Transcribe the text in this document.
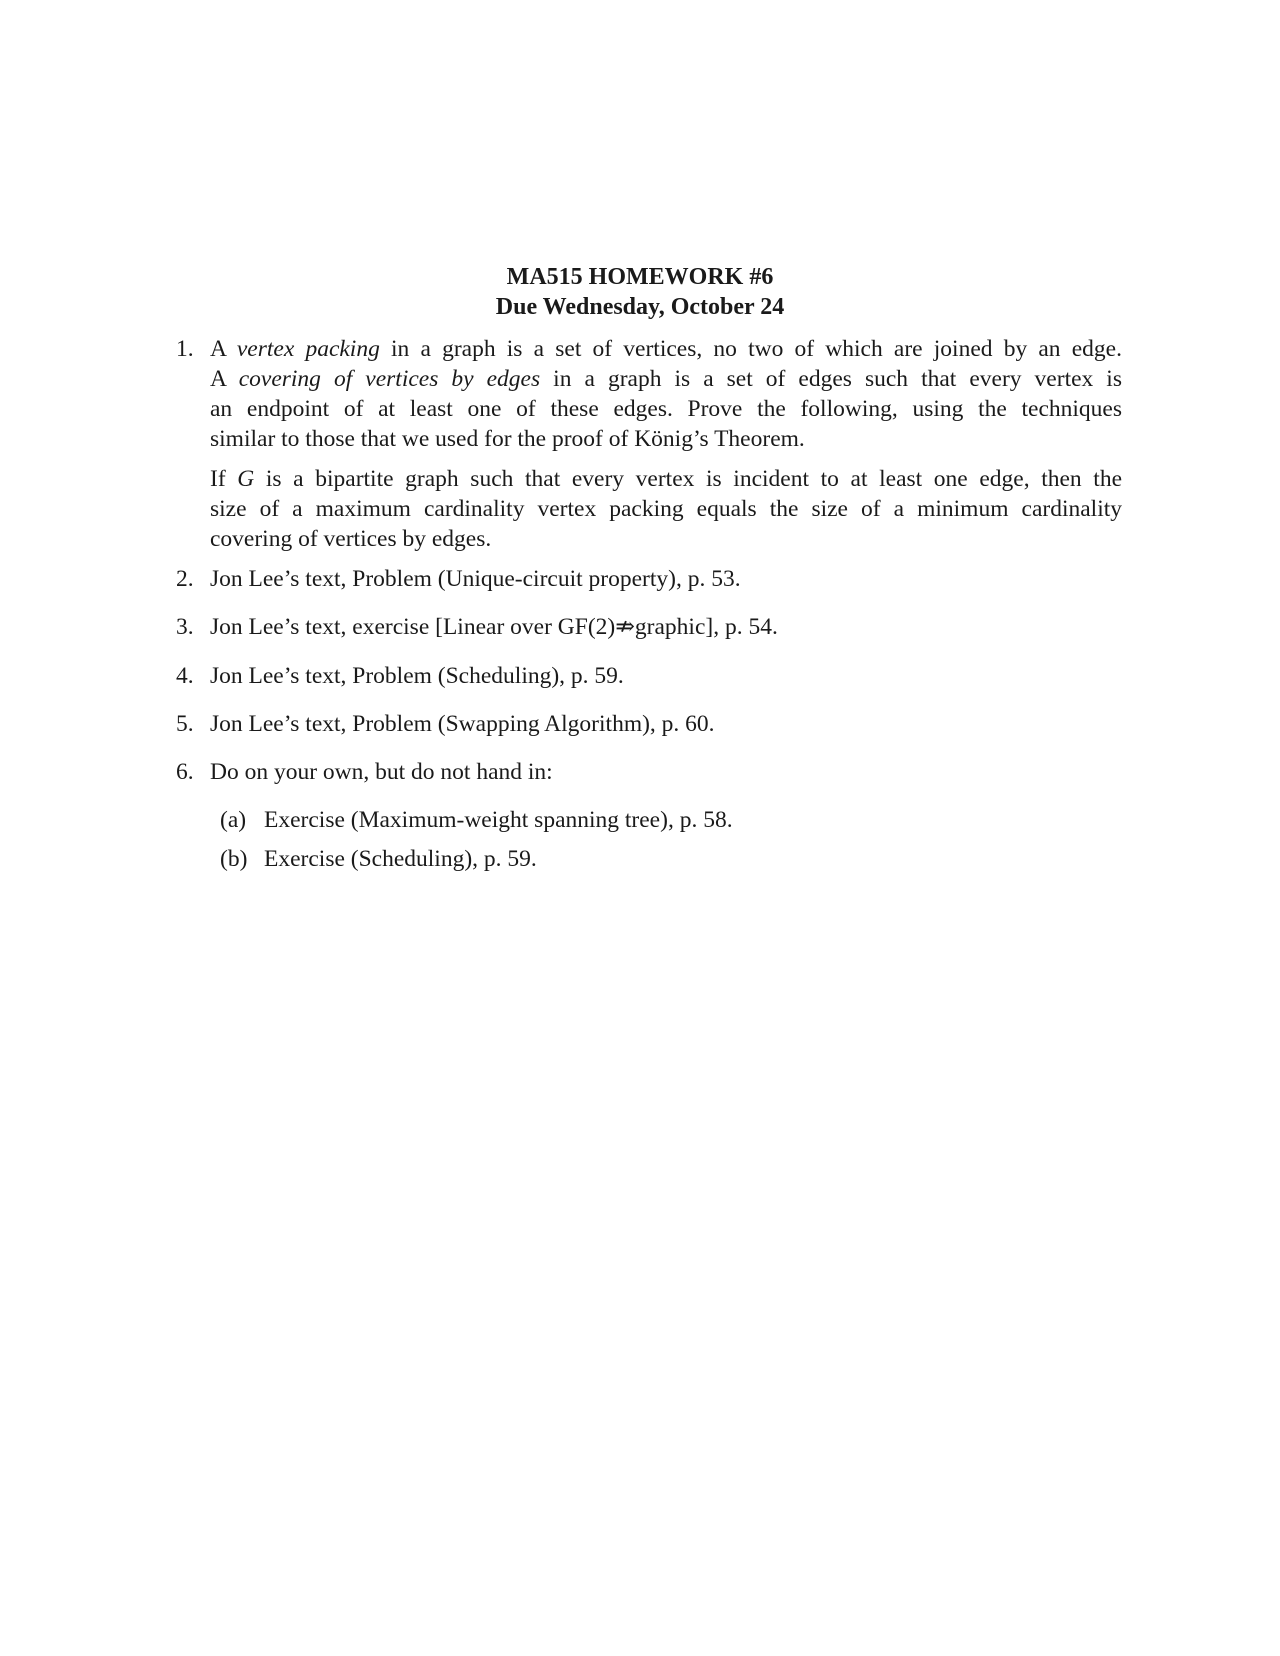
MA515 HOMEWORK #6
Due Wednesday, October 24
1. A vertex packing in a graph is a set of vertices, no two of which are joined by an edge.
A covering of vertices by edges in a graph is a set of edges such that every vertex is
an endpoint of at least one of these edges. Prove the following, using the techniques
similar to those that we used for the proof of König’s Theorem.

If G is a bipartite graph such that every vertex is incident to at least one edge, then the
size of a maximum cardinality vertex packing equals the size of a minimum cardinality
covering of vertices by edges.

2. Jon Lee’s text, Problem (Unique-circuit property), p. 53.
3. Jon Lee’s text, exercise [Linear over GF(2)⇏graphic], p. 54.
4. Jon Lee’s text, Problem (Scheduling), p. 59.
5. Jon Lee’s text, Problem (Swapping Algorithm), p. 60.
6. Do on your own, but do not hand in:
(a) Exercise (Maximum-weight spanning tree), p. 58.
(b) Exercise (Scheduling), p. 59.
